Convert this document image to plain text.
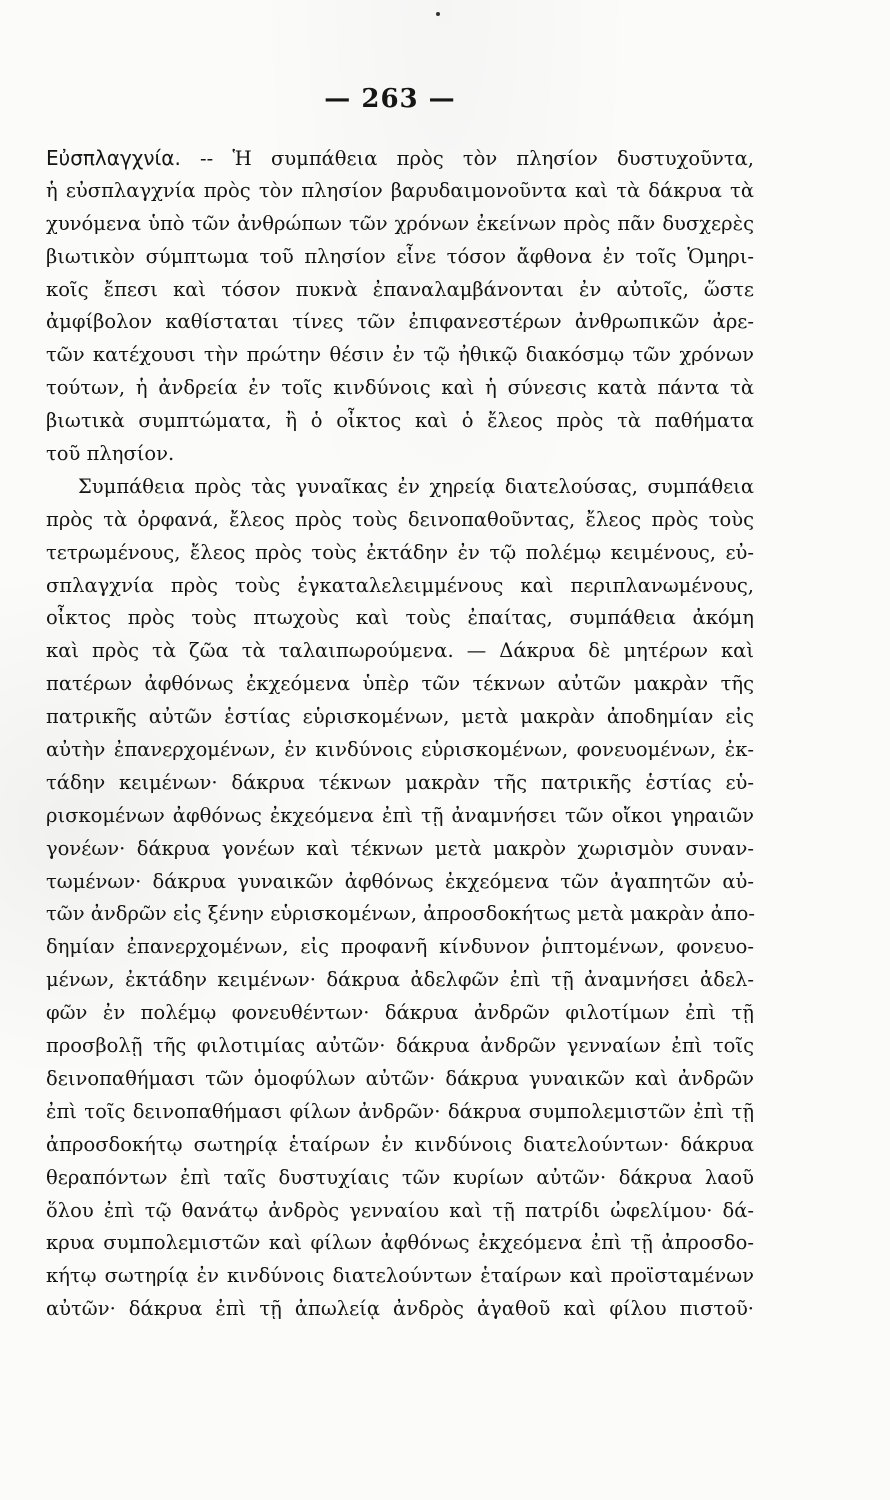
— 263 —
Εὐσπλαγχνία. -- Ἡ συμπάθεια πρὸς τὸν πλησίον δυστυχοῦντα,
ἡ εὐσπλαγχνία πρὸς τὸν πλησίον βαρυδαιμονοῦντα καὶ τὰ δάκρυα τὰ
χυνόμενα ὑπὸ τῶν ἀνθρώπων τῶν χρόνων ἐκείνων πρὸς πᾶν δυσχερὲς
βιωτικὸν σύμπτωμα τοῦ πλησίον εἶνε τόσον ἄφθονα ἐν τοῖς Ὁμηρι-
κοῖς ἔπεσι καὶ τόσον πυκνὰ ἐπαναλαμβάνονται ἐν αὐτοῖς, ὥστε
ἀμφίβολον καθίσταται τίνες τῶν ἐπιφανεστέρων ἀνθρωπικῶν ἀρε-
τῶν κατέχουσι τὴν πρώτην θέσιν ἐν τῷ ἠθικῷ διακόσμῳ τῶν χρόνων
τούτων, ἡ ἀνδρεία ἐν τοῖς κινδύνοις καὶ ἡ σύνεσις κατὰ πάντα τὰ
βιωτικὰ συμπτώματα, ἢ ὁ οἶκτος καὶ ὁ ἔλεος πρὸς τὰ παθήματα
τοῦ πλησίον.
Συμπάθεια πρὸς τὰς γυναῖκας ἐν χηρείᾳ διατελούσας, συμπάθεια
πρὸς τὰ ὀρφανά, ἔλεος πρὸς τοὺς δεινοπαθοῦντας, ἔλεος πρὸς τοὺς
τετρωμένους, ἔλεος πρὸς τοὺς ἐκτάδην ἐν τῷ πολέμῳ κειμένους, εὐ-
σπλαγχνία πρὸς τοὺς ἐγκαταλελειμμένους καὶ περιπλανωμένους,
οἶκτος πρὸς τοὺς πτωχοὺς καὶ τοὺς ἐπαίτας, συμπάθεια ἀκόμη
καὶ πρὸς τὰ ζῶα τὰ ταλαιπωρούμενα. — Δάκρυα δὲ μητέρων καὶ
πατέρων ἀφθόνως ἐκχεόμενα ὑπὲρ τῶν τέκνων αὐτῶν μακρὰν τῆς
πατρικῆς αὐτῶν ἑστίας εὑρισκομένων, μετὰ μακρὰν ἀποδημίαν εἰς
αὐτὴν ἐπανερχομένων, ἐν κινδύνοις εὑρισκομένων, φονευομένων, ἐκ-
τάδην κειμένων· δάκρυα τέκνων μακρὰν τῆς πατρικῆς ἑστίας εὑ-
ρισκομένων ἀφθόνως ἐκχεόμενα ἐπὶ τῇ ἀναμνήσει τῶν οἴκοι γηραιῶν
γονέων· δάκρυα γονέων καὶ τέκνων μετὰ μακρὸν χωρισμὸν συναν-
τωμένων· δάκρυα γυναικῶν ἀφθόνως ἐκχεόμενα τῶν ἀγαπητῶν αὐ-
τῶν ἀνδρῶν εἰς ξένην εὑρισκομένων, ἀπροσδοκήτως μετὰ μακρὰν ἀπο-
δημίαν ἐπανερχομένων, εἰς προφανῆ κίνδυνον ῥιπτομένων, φονευο-
μένων, ἐκτάδην κειμένων· δάκρυα ἀδελφῶν ἐπὶ τῇ ἀναμνήσει ἀδελ-
φῶν ἐν πολέμῳ φονευθέντων· δάκρυα ἀνδρῶν φιλοτίμων ἐπὶ τῇ
προσβολῇ τῆς φιλοτιμίας αὐτῶν· δάκρυα ἀνδρῶν γενναίων ἐπὶ τοῖς
δεινοπαθήμασι τῶν ὁμοφύλων αὐτῶν· δάκρυα γυναικῶν καὶ ἀνδρῶν
ἐπὶ τοῖς δεινοπαθήμασι φίλων ἀνδρῶν· δάκρυα συμπολεμιστῶν ἐπὶ τῇ
ἀπροσδοκήτῳ σωτηρίᾳ ἑταίρων ἐν κινδύνοις διατελούντων· δάκρυα
θεραπόντων ἐπὶ ταῖς δυστυχίαις τῶν κυρίων αὐτῶν· δάκρυα λαοῦ
ὅλου ἐπὶ τῷ θανάτῳ ἀνδρὸς γενναίου καὶ τῇ πατρίδι ὠφελίμου· δά-
κρυα συμπολεμιστῶν καὶ φίλων ἀφθόνως ἐκχεόμενα ἐπὶ τῇ ἀπροσδο-
κήτῳ σωτηρίᾳ ἐν κινδύνοις διατελούντων ἑταίρων καὶ προϊσταμένων
αὐτῶν· δάκρυα ἐπὶ τῇ ἀπωλείᾳ ἀνδρὸς ἀγαθοῦ καὶ φίλου πιστοῦ·
